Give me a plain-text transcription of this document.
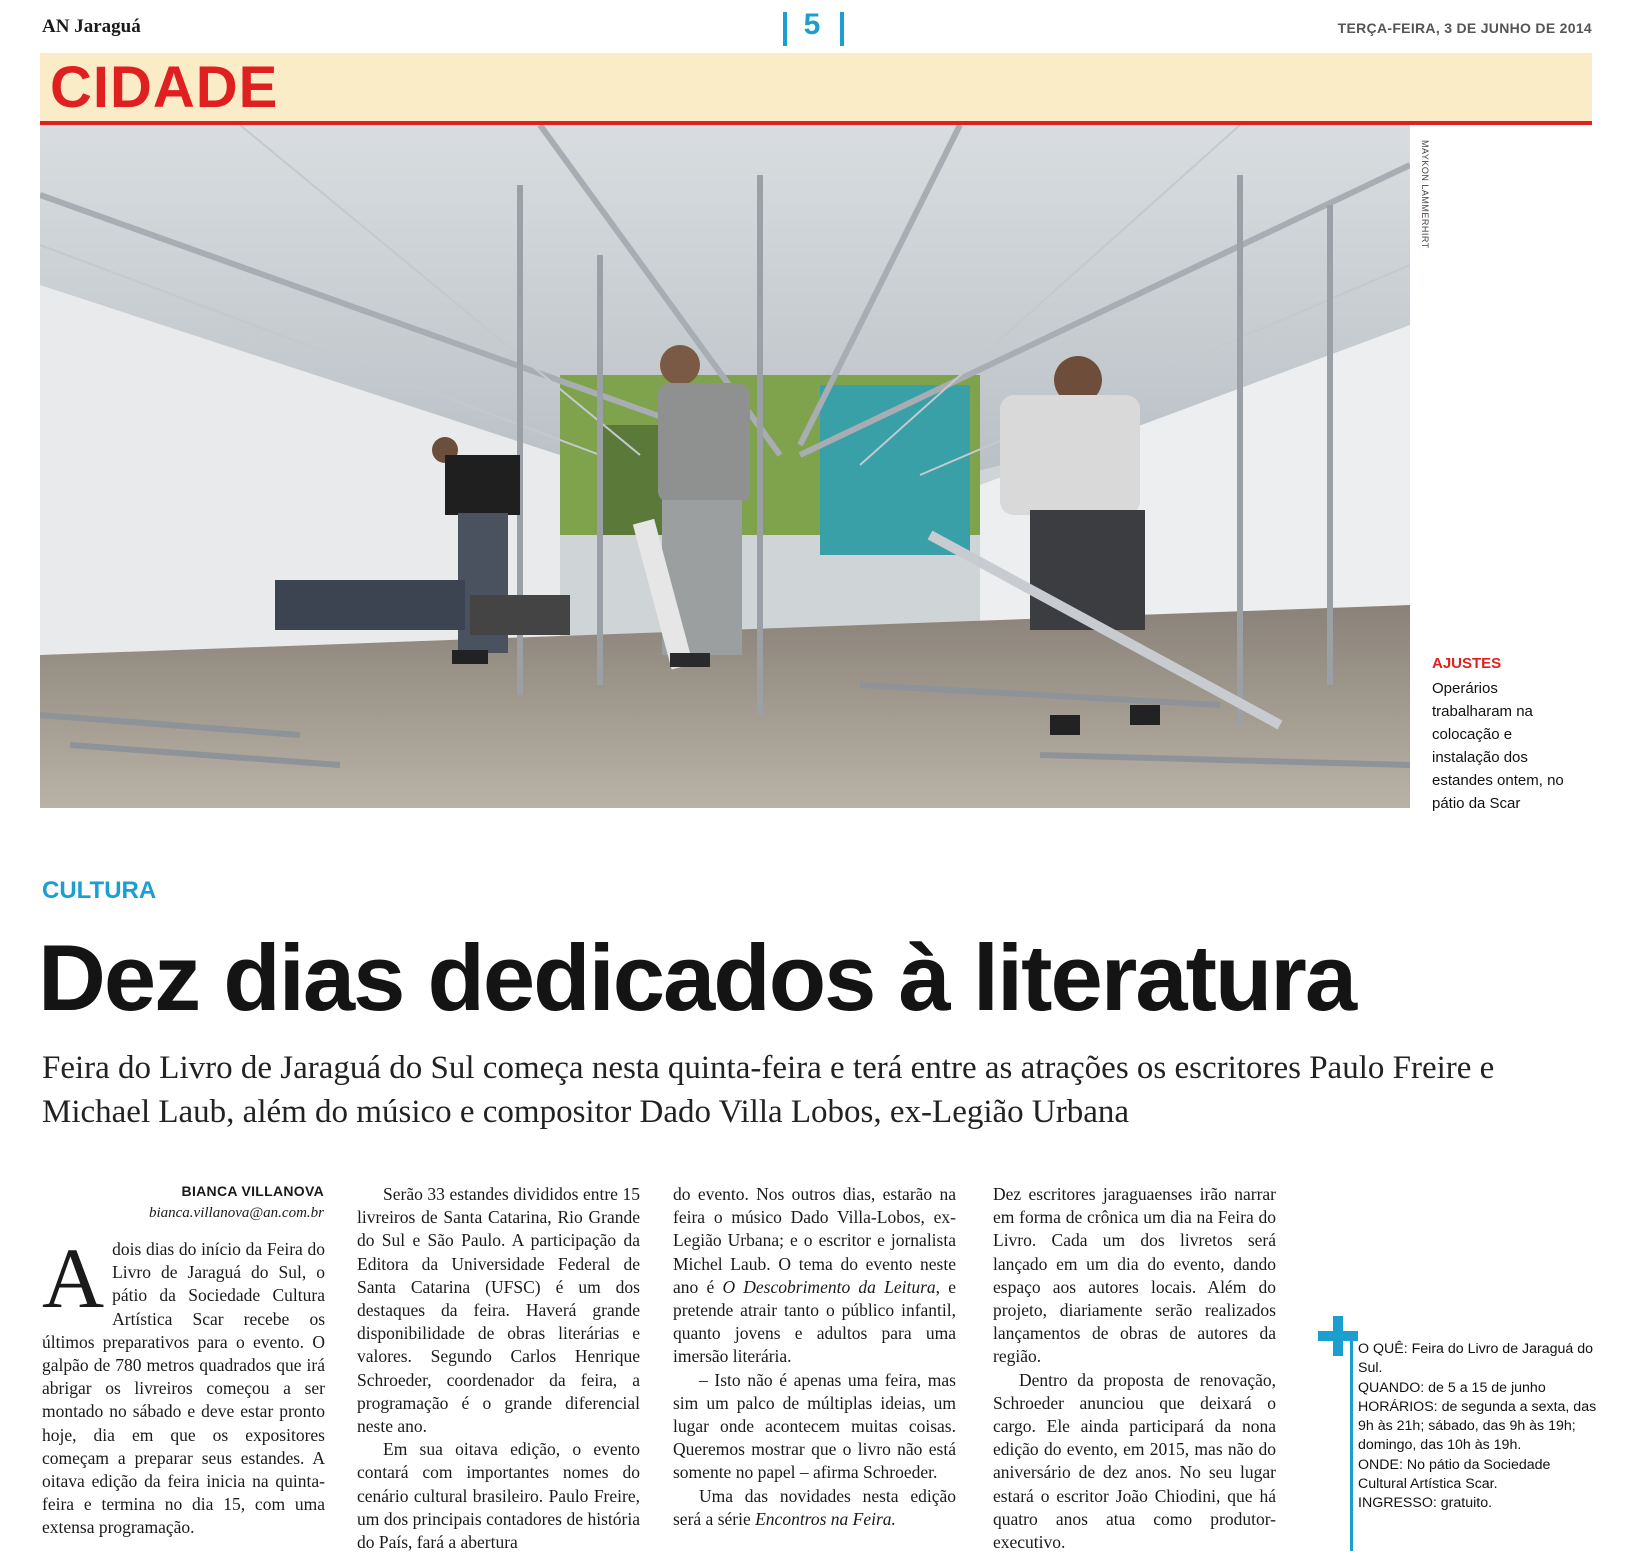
AN Jaraguá	5	TERÇA-FEIRA, 3 DE JUNHO DE 2014
CIDADE
MAYKON LAMMERHIRT
AJUSTES
Operários trabalharam na colocação e instalação dos estandes ontem, no pátio da Scar
CULTURA
Dez dias dedicados à literatura
Feira do Livro de Jaraguá do Sul começa nesta quinta-feira e terá entre as atrações os escritores Paulo Freire e Michael Laub, além do músico e compositor Dado Villa Lobos, ex-Legião Urbana
BIANCA VILLANOVA
bianca.villanova@an.com.br

Adois dias do início da Feira do Livro de Jaraguá do Sul, o pátio da Sociedade Cultura Artística Scar recebe os últimos preparativos para o evento. O galpão de 780 metros quadrados que irá abrigar os livreiros começou a ser montado no sábado e deve estar pronto hoje, dia em que os expositores começam a preparar seus estandes. A oitava edição da feira inicia na quinta-feira e termina no dia 15, com uma extensa programação.

Serão 33 estandes divididos entre 15 livreiros de Santa Catarina, Rio Grande do Sul e São Paulo. A participação da Editora da Universidade Federal de Santa Catarina (UFSC) é um dos destaques da feira. Haverá grande disponibilidade de obras literárias e valores. Segundo Carlos Henrique Schroeder, coordenador da feira, a programação é o grande diferencial neste ano.

Em sua oitava edição, o evento contará com importantes nomes do cenário cultural brasileiro. Paulo Freire, um dos principais contadores de história do País, fará a abertura

do evento. Nos outros dias, estarão na feira o músico Dado Villa-Lobos, ex-Legião Urbana; e o escritor e jornalista Michel Laub. O tema do evento neste ano é O Descobrimento da Leitura, e pretende atrair tanto o público infantil, quanto jovens e adultos para uma imersão literária.

– Isto não é apenas uma feira, mas sim um palco de múltiplas ideias, um lugar onde acontecem muitas coisas. Queremos mostrar que o livro não está somente no papel – afirma Schroeder.

Uma das novidades nesta edição será a série Encontros na Feira.

Dez escritores jaraguaenses irão narrar em forma de crônica um dia na Feira do Livro. Cada um dos livretos será lançado em um dia do evento, dando espaço aos autores locais. Além do projeto, diariamente serão realizados lançamentos de obras de autores da região.

Dentro da proposta de renovação, Schroeder anunciou que deixará o cargo. Ele ainda participará da nona edição do evento, em 2015, mas não do aniversário de dez anos. No seu lugar estará o escritor João Chiodini, que há quatro anos atua como produtor-executivo.

O QUÊ: Feira do Livro de Jaraguá do Sul.
QUANDO: de 5 a 15 de junho
HORÁRIOS: de segunda a sexta, das 9h às 21h; sábado, das 9h às 19h; domingo, das 10h às 19h.
ONDE: No pátio da Sociedade Cultural Artística Scar.
INGRESSO: gratuito.
